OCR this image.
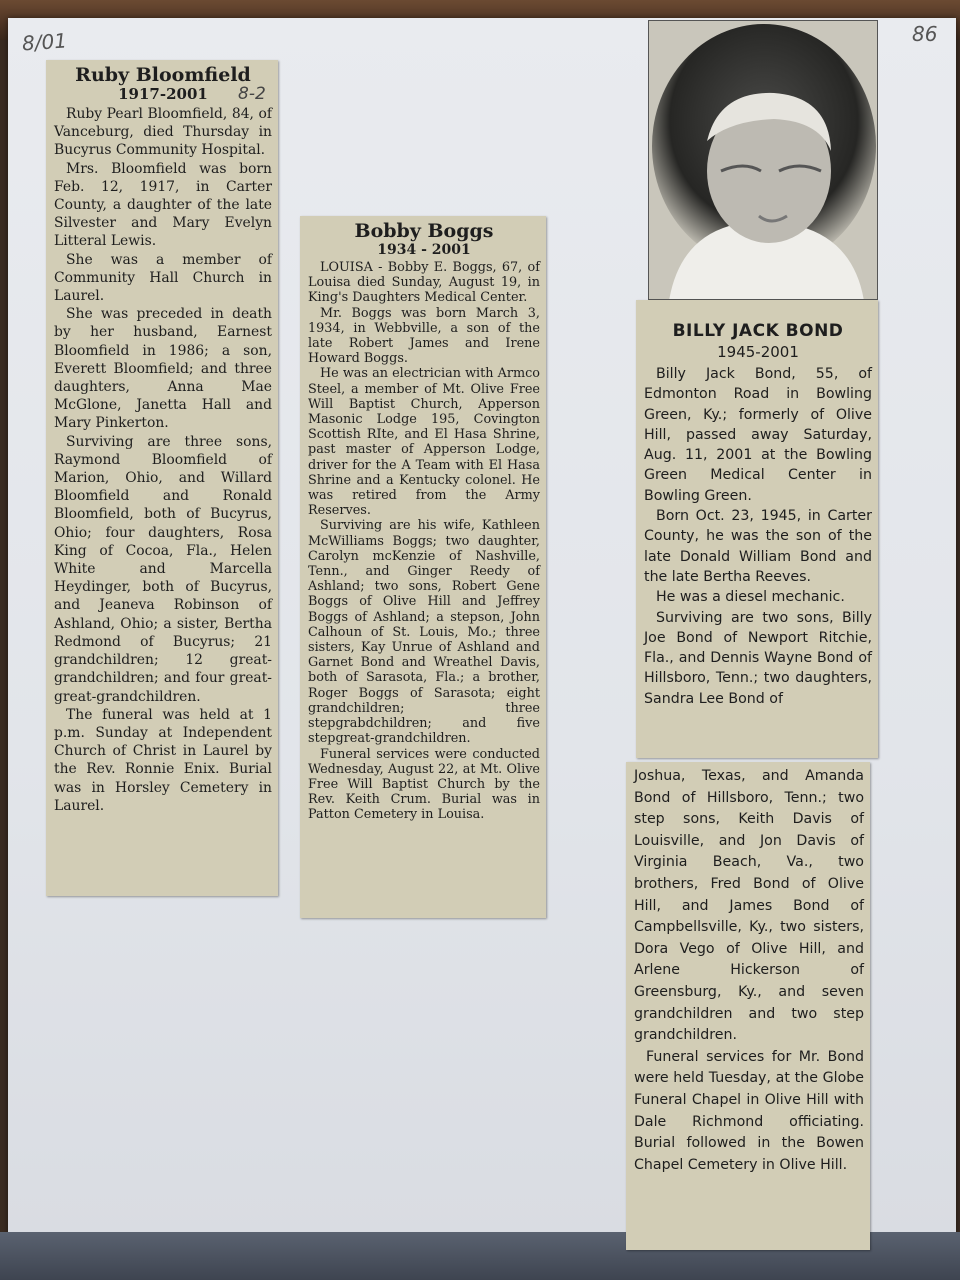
8/01	86
Ruby Bloomfield
1917-2001

Ruby Pearl Bloomfield, 84, of Vanceburg, died Thursday in Bucyrus Community Hospital.

Mrs. Bloomfield was born Feb. 12, 1917, in Carter County, a daughter of the late Silvester and Mary Evelyn Litteral Lewis.

She was a member of Community Hall Church in Laurel.

She was preceded in death by her husband, Earnest Bloomfield in 1986; a son, Everett Bloomfield; and three daughters, Anna Mae McGlone, Janetta Hall and Mary Pinkerton.

Surviving are three sons, Raymond Bloomfield of Marion, Ohio, and Willard Bloomfield and Ronald Bloomfield, both of Bucyrus, Ohio; four daughters, Rosa King of Cocoa, Fla., Helen White and Marcella Heydinger, both of Bucyrus, and Jeaneva Robinson of Ashland, Ohio; a sister, Bertha Redmond of Bucyrus; 21 grandchildren; 12 great-grandchildren; and four great-great-grandchildren.

The funeral was held at 1 p.m. Sunday at Independent Church of Christ in Laurel by the Rev. Ronnie Enix. Burial was in Horsley Cemetery in Laurel.

8-2
Bobby Boggs
1934 - 2001

LOUISA - Bobby E. Boggs, 67, of Louisa died Sunday, August 19, in King's Daughters Medical Center.

Mr. Boggs was born March 3, 1934, in Webbville, a son of the late Robert James and Irene Howard Boggs.

He was an electrician with Armco Steel, a member of Mt. Olive Free Will Baptist Church, Apperson Masonic Lodge 195, Covington Scottish RIte, and El Hasa Shrine, past master of Apperson Lodge, driver for the A Team with El Hasa Shrine and a Kentucky colonel. He was retired from the Army Reserves.

Surviving are his wife, Kathleen McWilliams Boggs; two daughter, Carolyn mcKenzie of Nashville, Tenn., and Ginger Reedy of Ashland; two sons, Robert Gene Boggs of Olive Hill and Jeffrey Boggs of Ashland; a stepson, John Calhoun of St. Louis, Mo.; three sisters, Kay Unrue of Ashland and Garnet Bond and Wreathel Davis, both of Sarasota, Fla.; a brother, Roger Boggs of Sarasota; eight grandchildren; three stepgrabdchildren; and five stepgreat-grandchildren.

Funeral services were conducted Wednesday, August 22, at Mt. Olive Free Will Baptist Church by the Rev. Keith Crum. Burial was in Patton Cemetery in Louisa.

BILLY JACK BOND
1945-2001

Billy Jack Bond, 55, of Edmonton Road in Bowling Green, Ky.; formerly of Olive Hill, passed away Saturday, Aug. 11, 2001 at the Bowling Green Medical Center in Bowling Green.

Born Oct. 23, 1945, in Carter County, he was the son of the late Donald William Bond and the late Bertha Reeves.

He was a diesel mechanic.

Surviving are two sons, Billy Joe Bond of Newport Ritchie, Fla., and Dennis Wayne Bond of Hillsboro, Tenn.; two daughters, Sandra Lee Bond of

Joshua, Texas, and Amanda Bond of Hillsboro, Tenn.; two step sons, Keith Davis of Louisville, and Jon Davis of Virginia Beach, Va., two brothers, Fred Bond of Olive Hill, and James Bond of Campbellsville, Ky., two sisters, Dora Vego of Olive Hill, and Arlene Hickerson of Greensburg, Ky., and seven grandchildren and two step grandchildren.

Funeral services for Mr. Bond were held Tuesday, at the Globe Funeral Chapel in Olive Hill with Dale Richmond officiating. Burial followed in the Bowen Chapel Cemetery in Olive Hill.
